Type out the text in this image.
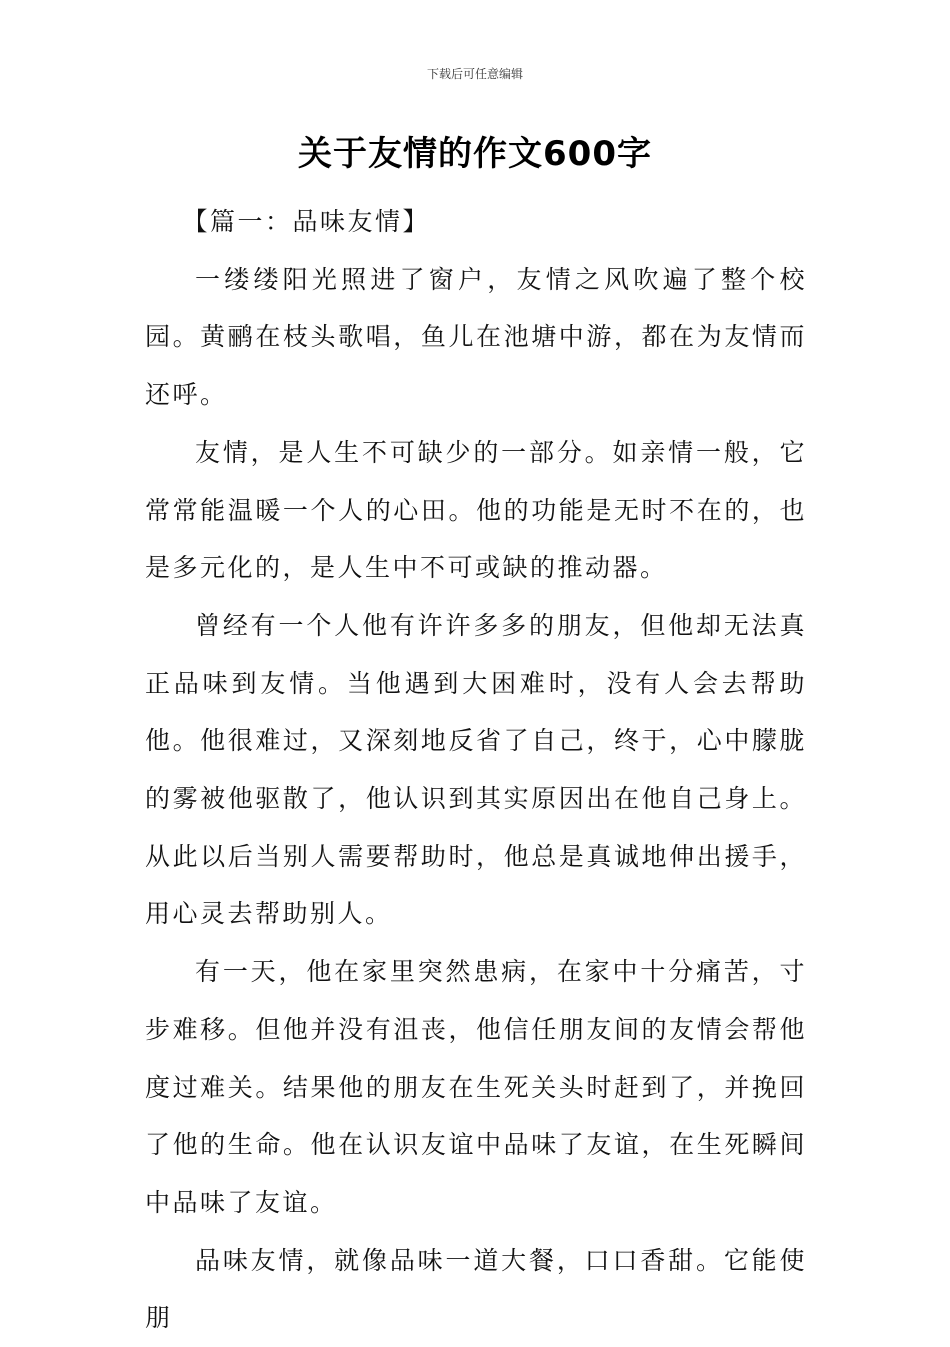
下载后可任意编辑
关于友情的作文600字

【篇一：品味友情】

一缕缕阳光照进了窗户，友情之风吹遍了整个校园。黄鹂在枝头歌唱，鱼儿在池塘中游，都在为友情而还呼。

友情，是人生不可缺少的一部分。如亲情一般，它常常能温暖一个人的心田。他的功能是无时不在的，也是多元化的，是人生中不可或缺的推动器。

曾经有一个人他有许许多多的朋友，但他却无法真正品味到友情。当他遇到大困难时，没有人会去帮助他。他很难过，又深刻地反省了自己，终于，心中朦胧的雾被他驱散了，他认识到其实原因出在他自己身上。从此以后当别人需要帮助时，他总是真诚地伸出援手，用心灵去帮助别人。

有一天，他在家里突然患病，在家中十分痛苦，寸步难移。但他并没有沮丧，他信任朋友间的友情会帮他度过难关。结果他的朋友在生死关头时赶到了，并挽回了他的生命。他在认识友谊中品味了友谊，在生死瞬间中品味了友谊。

品味友情，就像品味一道大餐，口口香甜。它能使朋
